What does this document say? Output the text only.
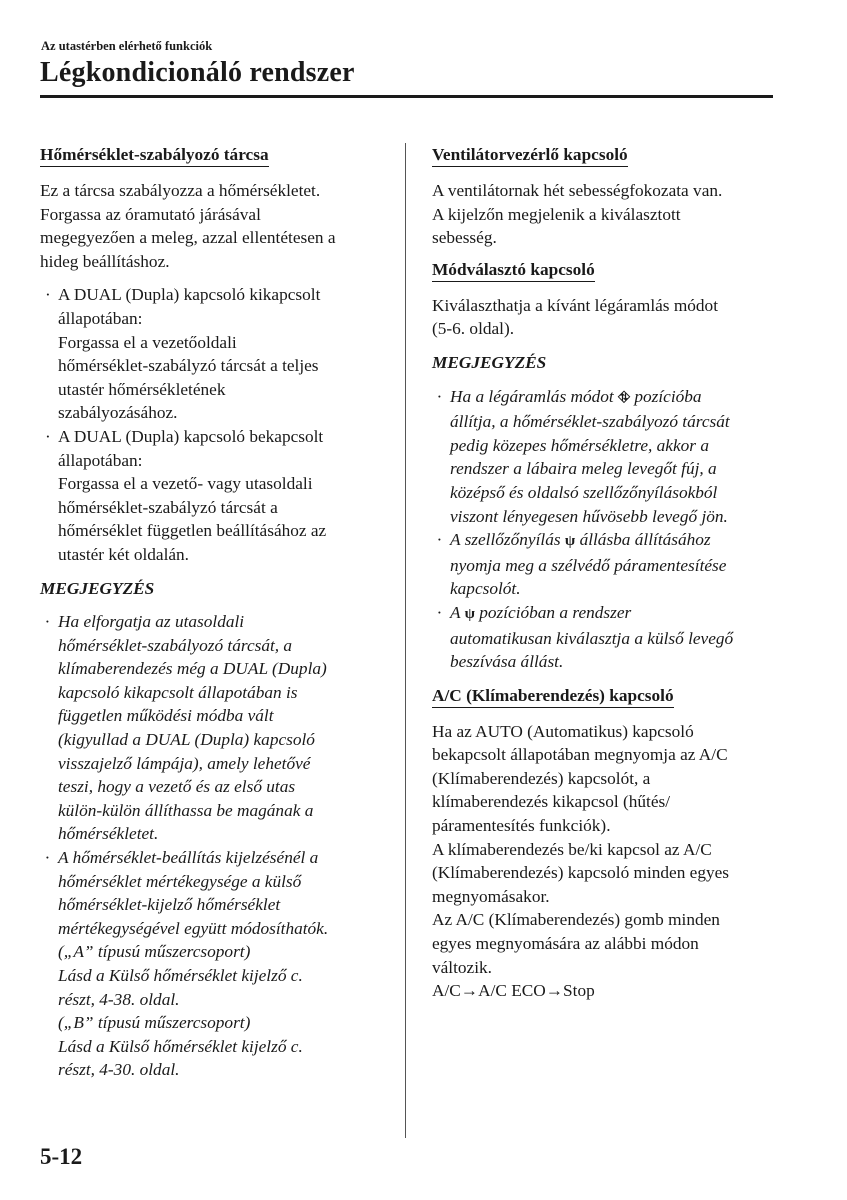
Az utastérben elérhető funkciók
Légkondicionáló rendszer
Hőmérséklet-szabályozó tárcsa
Ez a tárcsa szabályozza a hőmérsékletet.
Forgassa az óramutató járásával
megegyezően a meleg, azzal ellentétesen a
hideg beállításhoz.
· A DUAL (Dupla) kapcsoló kikapcsolt
állapotában:
Forgassa el a vezetőoldali
hőmérséklet-szabályzó tárcsát a teljes
utastér hőmérsékletének
szabályozásához.
· A DUAL (Dupla) kapcsoló bekapcsolt
állapotában:
Forgassa el a vezető- vagy utasoldali
hőmérséklet-szabályzó tárcsát a
hőmérséklet független beállításához az
utastér két oldalán.
MEGJEGYZÉS
· Ha elforgatja az utasoldali
hőmérséklet-szabályozó tárcsát, a
klímaberendezés még a DUAL (Dupla)
kapcsoló kikapcsolt állapotában is
független működési módba vált
(kigyullad a DUAL (Dupla) kapcsoló
visszajelző lámpája), amely lehetővé
teszi, hogy a vezető és az első utas
külön-külön állíthassa be magának a
hőmérsékletet.
· A hőmérséklet-beállítás kijelzésénél a
hőmérséklet mértékegysége a külső
hőmérséklet-kijelző hőmérséklet
mértékegységével együtt módosíthatók.
(„A” típusú műszercsoport)
Lásd a Külső hőmérséklet kijelző c.
részt, 4-38. oldal.
(„B” típusú műszercsoport)
Lásd a Külső hőmérséklet kijelző c.
részt, 4-30. oldal.
Ventilátorvezérlő kapcsoló
A ventilátornak hét sebességfokozata van.
A kijelzőn megjelenik a kiválasztott
sebesség.
Módválasztó kapcsoló
Kiválaszthatja a kívánt légáramlás módot
(5-6. oldal).
MEGJEGYZÉS
· Ha a légáramlás módot ⛗ pozícióba
állítja, a hőmérséklet-szabályozó tárcsát
pedig közepes hőmérsékletre, akkor a
rendszer a lábaira meleg levegőt fúj, a
középső és oldalsó szellőzőnyílásokból
viszont lényegesen hűvösebb levegő jön.
· A szellőzőnyílás ψ állásba állításához
nyomja meg a szélvédő páramentesítése
kapcsolót.
· A ψ pozícióban a rendszer
automatikusan kiválasztja a külső levegő
beszívása állást.
A/C (Klímaberendezés) kapcsoló
Ha az AUTO (Automatikus) kapcsoló
bekapcsolt állapotában megnyomja az A/C
(Klímaberendezés) kapcsolót, a
klímaberendezés kikapcsol (hűtés/
páramentesítés funkciók).
A klímaberendezés be/ki kapcsol az A/C
(Klímaberendezés) kapcsoló minden egyes
megnyomásakor.
Az A/C (Klímaberendezés) gomb minden
egyes megnyomására az alábbi módon
változik.
A/C→A/C ECO→Stop
5-12
